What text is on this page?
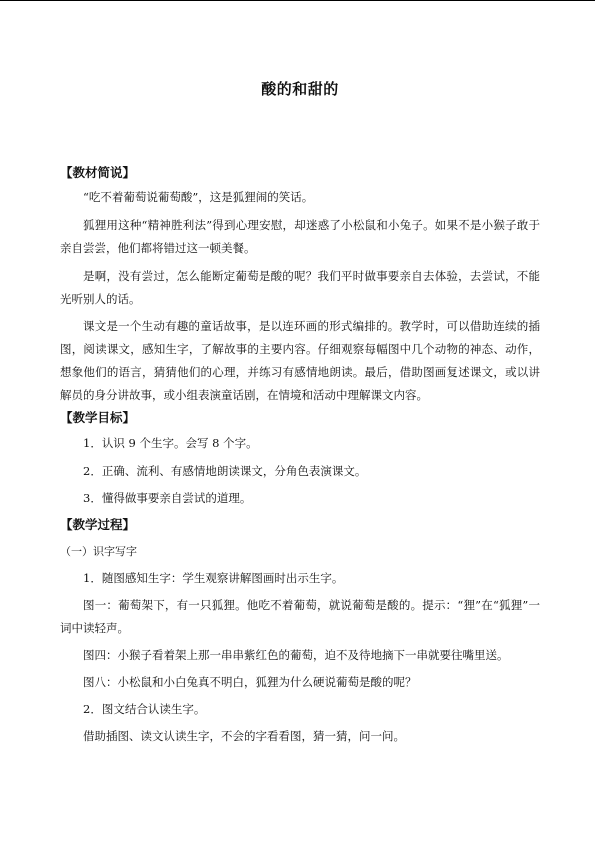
酸的和甜的
【教材简说】
“吃不着葡萄说葡萄酸”，这是狐狸闹的笑话。
狐狸用这种“精神胜利法”得到心理安慰，却迷惑了小松鼠和小兔子。如果不是小猴子敢于亲自尝尝，他们都将错过这一顿美餐。
是啊，没有尝过，怎么能断定葡萄是酸的呢？我们平时做事要亲自去体验，去尝试，不能光听别人的话。
课文是一个生动有趣的童话故事，是以连环画的形式编排的。教学时，可以借助连续的插图，阅读课文，感知生字，了解故事的主要内容。仔细观察每幅图中几个动物的神态、动作，想象他们的语言，猜猜他们的心理，并练习有感情地朗读。最后，借助图画复述课文，或以讲解员的身分讲故事，或小组表演童话剧，在情境和活动中理解课文内容。
【教学目标】
1．认识 9 个生字。会写 8 个字。
2．正确、流利、有感情地朗读课文，分角色表演课文。
3．懂得做事要亲自尝试的道理。
【教学过程】
（一）识字写字
1．随图感知生字：学生观察讲解图画时出示生字。
图一：葡萄架下，有一只狐狸。他吃不着葡萄，就说葡萄是酸的。提示：“狸”在“狐狸”一词中读轻声。
图四：小猴子看着架上那一串串紫红色的葡萄，迫不及待地摘下一串就要往嘴里送。
图八：小松鼠和小白兔真不明白，狐狸为什么硬说葡萄是酸的呢？
2．图文结合认读生字。
借助插图、读文认读生字，不会的字看看图，猜一猜，问一问。
